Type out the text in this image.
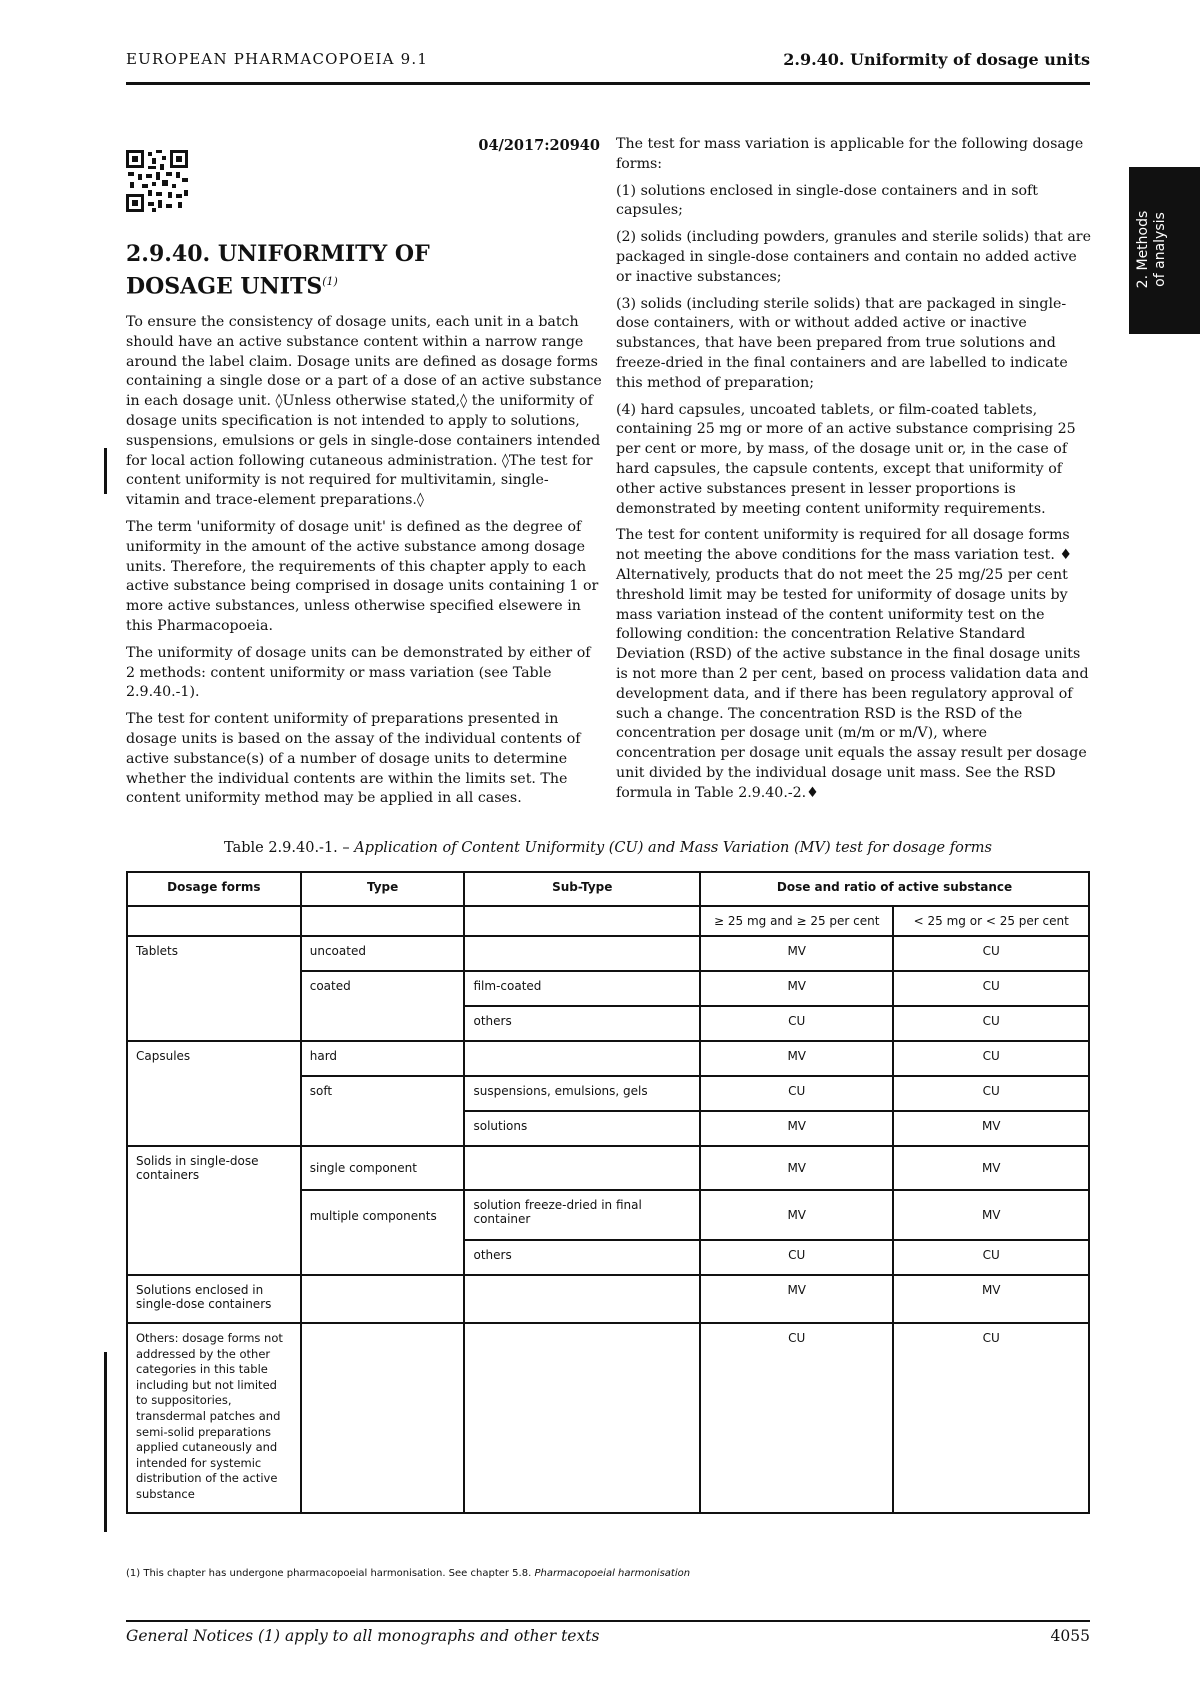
EUROPEAN PHARMACOPOEIA 9.1	2.9.40. Uniformity of dosage units
2. Methods
of analysis
04/2017:20940
2.9.40. UNIFORMITY OF DOSAGE UNITS$^{(1)}$

To ensure the consistency of dosage units, each unit in a batch should have an active substance content within a narrow range around the label claim. Dosage units are defined as dosage forms containing a single dose or a part of a dose of an active substance in each dosage unit. ◊Unless otherwise stated,◊ the uniformity of dosage units specification is not intended to apply to solutions, suspensions, emulsions or gels in single-dose containers intended for local action following cutaneous administration. ◊The test for content uniformity is not required for multivitamin, single-vitamin and trace-element preparations.◊

The term 'uniformity of dosage unit' is defined as the degree of uniformity in the amount of the active substance among dosage units. Therefore, the requirements of this chapter apply to each active substance being comprised in dosage units containing 1 or more active substances, unless otherwise specified elsewere in this Pharmacopoeia.

The uniformity of dosage units can be demonstrated by either of 2 methods: content uniformity or mass variation (see Table 2.9.40.-1).

The test for content uniformity of preparations presented in dosage units is based on the assay of the individual contents of active substance(s) of a number of dosage units to determine whether the individual contents are within the limits set. The content uniformity method may be applied in all cases.

The test for mass variation is applicable for the following dosage forms:

(1) solutions enclosed in single-dose containers and in soft capsules;

(2) solids (including powders, granules and sterile solids) that are packaged in single-dose containers and contain no added active or inactive substances;

(3) solids (including sterile solids) that are packaged in single-dose containers, with or without added active or inactive substances, that have been prepared from true solutions and freeze-dried in the final containers and are labelled to indicate this method of preparation;

(4) hard capsules, uncoated tablets, or film-coated tablets, containing 25 mg or more of an active substance comprising 25 per cent or more, by mass, of the dosage unit or, in the case of hard capsules, the capsule contents, except that uniformity of other active substances present in lesser proportions is demonstrated by meeting content uniformity requirements.

The test for content uniformity is required for all dosage forms not meeting the above conditions for the mass variation test. ♦ Alternatively, products that do not meet the 25 mg/25 per cent threshold limit may be tested for uniformity of dosage units by mass variation instead of the content uniformity test on the following condition: the concentration Relative Standard Deviation (RSD) of the active substance in the final dosage units is not more than 2 per cent, based on process validation data and development data, and if there has been regulatory approval of such a change. The concentration RSD is the RSD of the concentration per dosage unit (m/m or m/V), where concentration per dosage unit equals the assay result per dosage unit divided by the individual dosage unit mass. See the RSD formula in Table 2.9.40.-2.♦

Table 2.9.40.-1. – Application of Content Uniformity (CU) and Mass Variation (MV) test for dosage forms
Dosage forms	Type	Sub-Type	Dose and ratio of active substance	
			≥ 25 mg and ≥ 25 per cent	< 25 mg or < 25 per cent
Tablets	uncoated		MV	CU
	coated	film-coated	MV	CU
		others	CU	CU
Capsules	hard		MV	CU
	soft	suspensions, emulsions, gels	CU	CU
		solutions	MV	MV
Solids in single-dose containers	single component		MV	MV
	multiple components	solution freeze-dried in final container	MV	MV
		others	CU	CU
Solutions enclosed in single-dose containers			MV	MV
Others: dosage forms not addressed by the other categories in this table including but not limited to suppositories, transdermal patches and semi-solid preparations applied cutaneously and intended for systemic distribution of the active substance			CU	CU
(1) This chapter has undergone pharmacopoeial harmonisation. See chapter 5.8. Pharmacopoeial harmonisation
General Notices (1) apply to all monographs and other texts	4055
